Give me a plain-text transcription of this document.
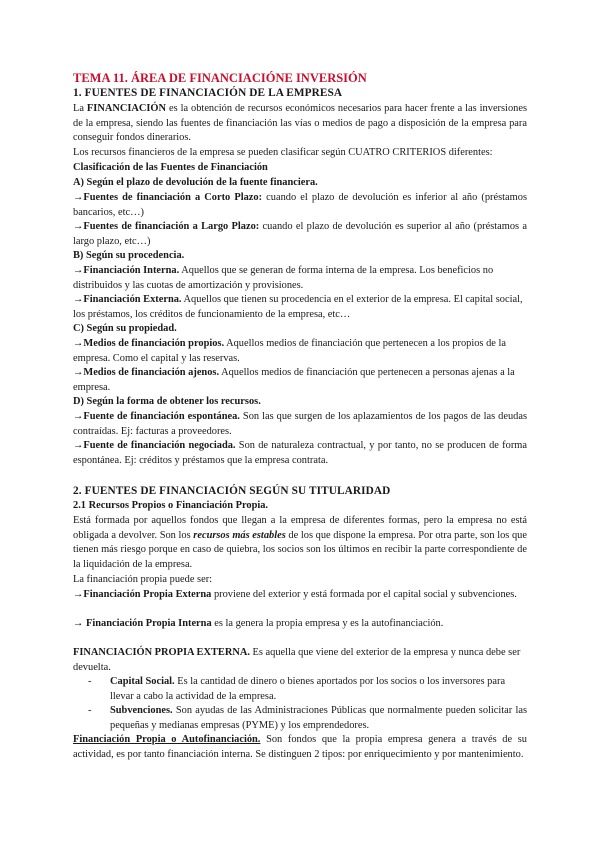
TEMA 11. ÁREA DE FINANCIACIÓNE INVERSIÓN
1. FUENTES DE FINANCIACIÓN DE LA EMPRESA
La FINANCIACIÓN es la obtención de recursos económicos necesarios para hacer frente a las inversiones de la empresa, siendo las fuentes de financiación las vías o medios de pago a disposición de la empresa para conseguir fondos dinerarios.
Los recursos financieros de la empresa se pueden clasificar según CUATRO CRITERIOS diferentes:
Clasificación de las Fuentes de Financiación
A) Según el plazo de devolución de la fuente financiera.
→Fuentes de financiación a Corto Plazo: cuando el plazo de devolución es inferior al año (préstamos bancarios, etc…)
→Fuentes de financiación a Largo Plazo: cuando el plazo de devolución es superior al año (préstamos a largo plazo, etc…)
B) Según su procedencia.
→Financiación Interna. Aquellos que se generan de forma interna de la empresa. Los beneficios no distribuidos y las cuotas de amortización y provisiones.
→Financiación Externa. Aquellos que tienen su procedencia en el exterior de la empresa. El capital social, los préstamos, los créditos de funcionamiento de la empresa, etc…
C) Según su propiedad.
→Medios de financiación propios. Aquellos medios de financiación que pertenecen a los propios de la empresa. Como el capital y las reservas.
→Medios de financiación ajenos. Aquellos medios de financiación que pertenecen a personas ajenas a la empresa.
D) Según la forma de obtener los recursos.
→Fuente de financiación espontánea. Son las que surgen de los aplazamientos de los pagos de las deudas contraídas. Ej: facturas a proveedores.
→Fuente de financiación negociada. Son de naturaleza contractual, y por tanto, no se producen de forma espontánea. Ej: créditos y préstamos que la empresa contrata.
2. FUENTES DE FINANCIACIÓN SEGÚN SU TITULARIDAD
2.1 Recursos Propios o Financiación Propia.
Está formada por aquellos fondos que llegan a la empresa de diferentes formas, pero la empresa no está obligada a devolver. Son los recursos más estables de los que dispone la empresa. Por otra parte, son los que tienen más riesgo porque en caso de quiebra, los socios son los últimos en recibir la parte correspondiente de la liquidación de la empresa.
La financiación propia puede ser:
→Financiación Propia Externa proviene del exterior y está formada por el capital social y subvenciones.
→ Financiación Propia Interna es la genera la propia empresa y es la autofinanciación.
FINANCIACIÓN PROPIA EXTERNA. Es aquella que viene del exterior de la empresa y nunca debe ser devuelta.
- Capital Social. Es la cantidad de dinero o bienes aportados por los socios o los inversores para llevar a cabo la actividad de la empresa.
- Subvenciones. Son ayudas de las Administraciones Públicas que normalmente pueden solicitar las pequeñas y medianas empresas (PYME) y los emprendedores.
Financiación Propia o Autofinanciación. Son fondos que la propia empresa genera a través de su actividad, es por tanto financiación interna. Se distinguen 2 tipos: por enriquecimiento y por mantenimiento.
